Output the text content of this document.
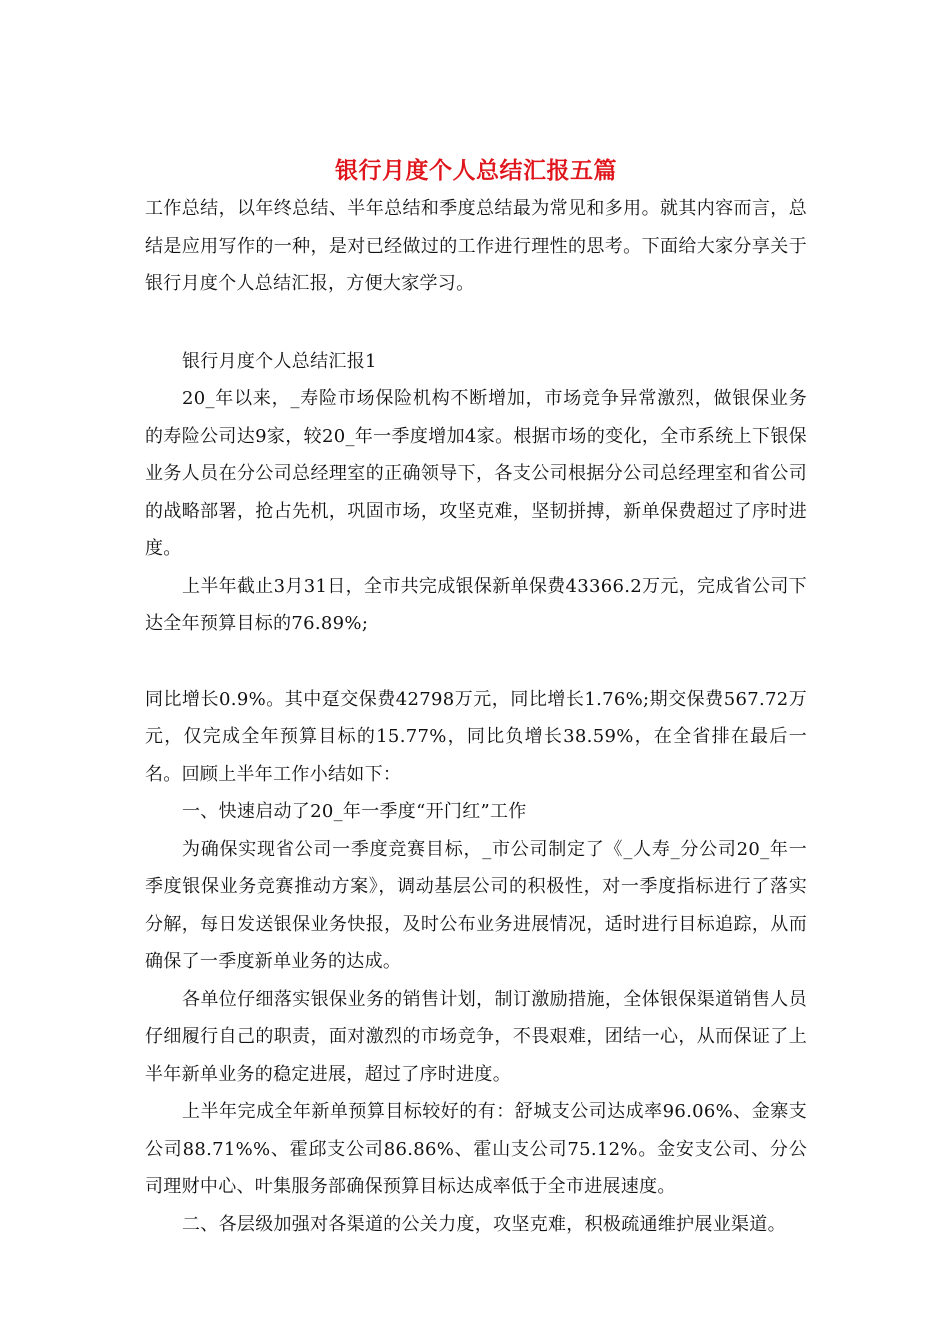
银行月度个人总结汇报五篇

工作总结，以年终总结、半年总结和季度总结最为常见和多用。就其内容而言，总结是应用写作的一种，是对已经做过的工作进行理性的思考。下面给大家分享关于银行月度个人总结汇报，方便大家学习。

银行月度个人总结汇报1

20_年以来，_寿险市场保险机构不断增加，市场竞争异常激烈，做银保业务的寿险公司达9家，较20_年一季度增加4家。根据市场的变化，全市系统上下银保业务人员在分公司总经理室的正确领导下，各支公司根据分公司总经理室和省公司的战略部署，抢占先机，巩固市场，攻坚克难，坚韧拼搏，新单保费超过了序时进度。

上半年截止3月31日，全市共完成银保新单保费43366.2万元，完成省公司下达全年预算目标的76.89%;

同比增长0.9%。其中趸交保费42798万元，同比增长1.76%;期交保费567.72万元，仅完成全年预算目标的15.77%，同比负增长38.59%，在全省排在最后一名。回顾上半年工作小结如下：

一、快速启动了20_年一季度“开门红”工作

为确保实现省公司一季度竞赛目标，_市公司制定了《_人寿_分公司20_年一季度银保业务竞赛推动方案》，调动基层公司的积极性，对一季度指标进行了落实分解，每日发送银保业务快报，及时公布业务进展情况，适时进行目标追踪，从而确保了一季度新单业务的达成。

各单位仔细落实银保业务的销售计划，制订激励措施，全体银保渠道销售人员仔细履行自己的职责，面对激烈的市场竞争，不畏艰难，团结一心，从而保证了上半年新单业务的稳定进展，超过了序时进度。

上半年完成全年新单预算目标较好的有：舒城支公司达成率96.06%、金寨支公司88.71%%、霍邱支公司86.86%、霍山支公司75.12%。金安支公司、分公司理财中心、叶集服务部确保预算目标达成率低于全市进展速度。

二、各层级加强对各渠道的公关力度，攻坚克难，积极疏通维护展业渠道。
